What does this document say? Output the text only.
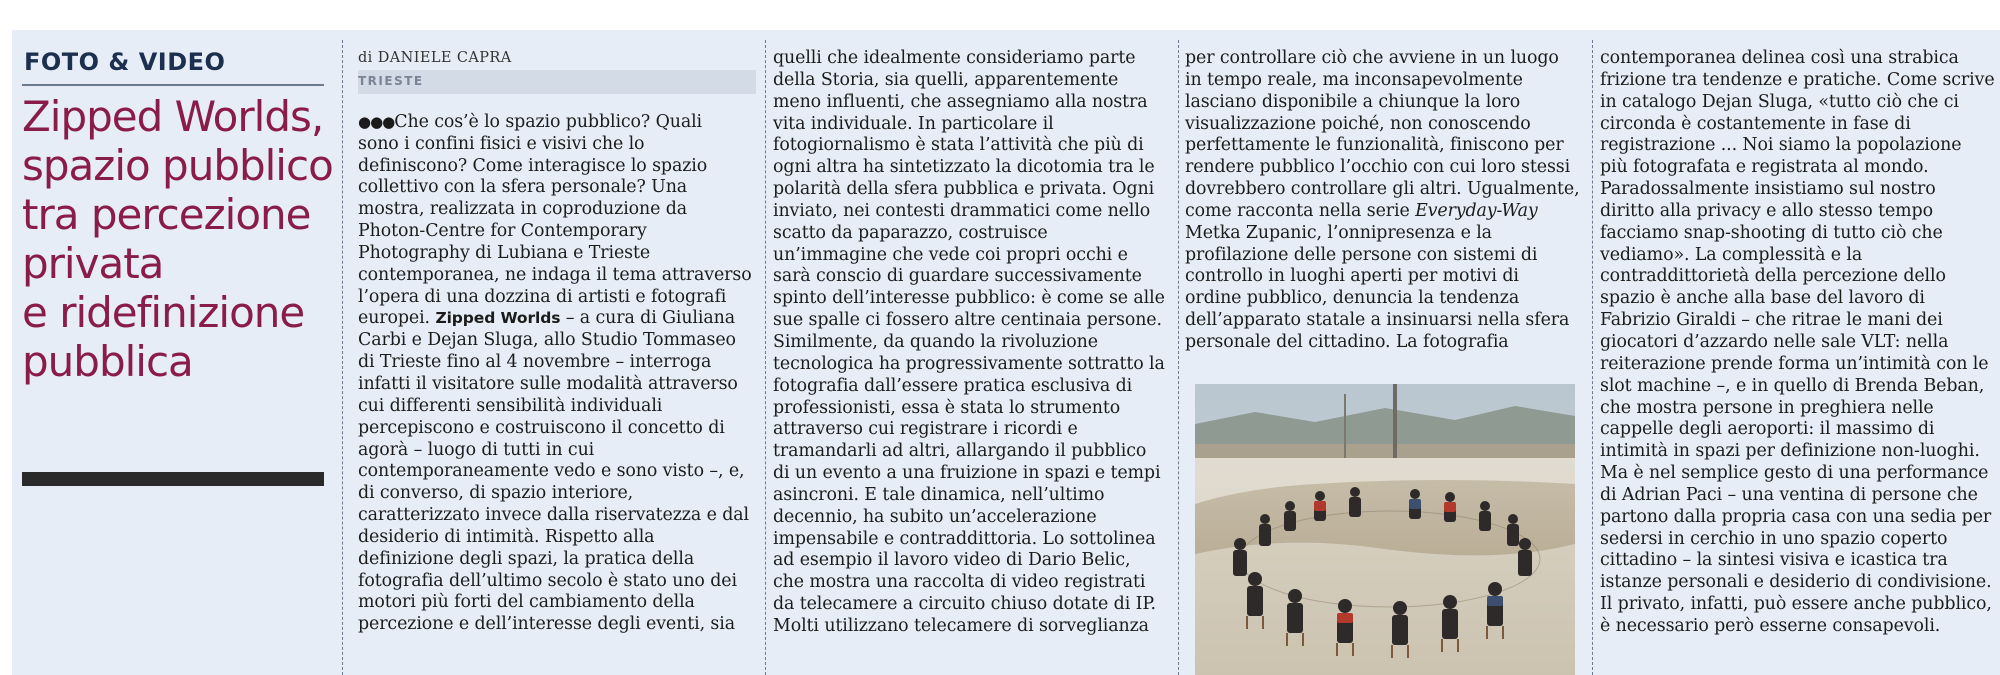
FOTO & VIDEO
Zipped Worlds,
spazio pubblico
tra percezione
privata
e ridefinizione
pubblica
di DANIELE CAPRA
TRIESTE

●●●Che cos’è lo spazio pubblico? Quali

sono i confini fisici e visivi che lo

definiscono? Come interagisce lo spazio

collettivo con la sfera personale? Una

mostra, realizzata in coproduzione da

Photon-Centre for Contemporary

Photography di Lubiana e Trieste

contemporanea, ne indaga il tema attraverso

l’opera di una dozzina di artisti e fotografi

europei. Zipped Worlds – a cura di Giuliana

Carbi e Dejan Sluga, allo Studio Tommaseo

di Trieste fino al 4 novembre – interroga

infatti il visitatore sulle modalità attraverso

cui differenti sensibilità individuali

percepiscono e costruiscono il concetto di

agorà – luogo di tutti in cui

contemporaneamente vedo e sono visto –, e,

di converso, di spazio interiore,

caratterizzato invece dalla riservatezza e dal

desiderio di intimità. Rispetto alla

definizione degli spazi, la pratica della

fotografia dell’ultimo secolo è stato uno dei

motori più forti del cambiamento della

percezione e dell’interesse degli eventi, sia

quelli che idealmente consideriamo parte

della Storia, sia quelli, apparentemente

meno influenti, che assegniamo alla nostra

vita individuale. In particolare il

fotogiornalismo è stata l’attività che più di

ogni altra ha sintetizzato la dicotomia tra le

polarità della sfera pubblica e privata. Ogni

inviato, nei contesti drammatici come nello

scatto da paparazzo, costruisce

un’immagine che vede coi propri occhi e

sarà conscio di guardare successivamente

spinto dell’interesse pubblico: è come se alle

sue spalle ci fossero altre centinaia persone.

Similmente, da quando la rivoluzione

tecnologica ha progressivamente sottratto la

fotografia dall’essere pratica esclusiva di

professionisti, essa è stata lo strumento

attraverso cui registrare i ricordi e

tramandarli ad altri, allargando il pubblico

di un evento a una fruizione in spazi e tempi

asincroni. E tale dinamica, nell’ultimo

decennio, ha subito un’accelerazione

impensabile e contraddittoria. Lo sottolinea

ad esempio il lavoro video di Dario Belic,

che mostra una raccolta di video registrati

da telecamere a circuito chiuso dotate di IP.

Molti utilizzano telecamere di sorveglianza

per controllare ciò che avviene in un luogo

in tempo reale, ma inconsapevolmente

lasciano disponibile a chiunque la loro

visualizzazione poiché, non conoscendo

perfettamente le funzionalità, finiscono per

rendere pubblico l’occhio con cui loro stessi

dovrebbero controllare gli altri. Ugualmente,

come racconta nella serie Everyday-Way

Metka Zupanic, l’onnipresenza e la

profilazione delle persone con sistemi di

controllo in luoghi aperti per motivi di

ordine pubblico, denuncia la tendenza

dell’apparato statale a insinuarsi nella sfera

personale del cittadino. La fotografia

contemporanea delinea così una strabica

frizione tra tendenze e pratiche. Come scrive

in catalogo Dejan Sluga, «tutto ciò che ci

circonda è costantemente in fase di

registrazione ... Noi siamo la popolazione

più fotografata e registrata al mondo.

Paradossalmente insistiamo sul nostro

diritto alla privacy e allo stesso tempo

facciamo snap-shooting di tutto ciò che

vediamo». La complessità e la

contraddittorietà della percezione dello

spazio è anche alla base del lavoro di

Fabrizio Giraldi – che ritrae le mani dei

giocatori d’azzardo nelle sale VLT: nella

reiterazione prende forma un’intimità con le

slot machine –, e in quello di Brenda Beban,

che mostra persone in preghiera nelle

cappelle degli aeroporti: il massimo di

intimità in spazi per definizione non-luoghi.

Ma è nel semplice gesto di una performance

di Adrian Paci – una ventina di persone che

partono dalla propria casa con una sedia per

sedersi in cerchio in uno spazio coperto

cittadino – la sintesi visiva e icastica tra

istanze personali e desiderio di condivisione.

Il privato, infatti, può essere anche pubblico,

è necessario però esserne consapevoli.
